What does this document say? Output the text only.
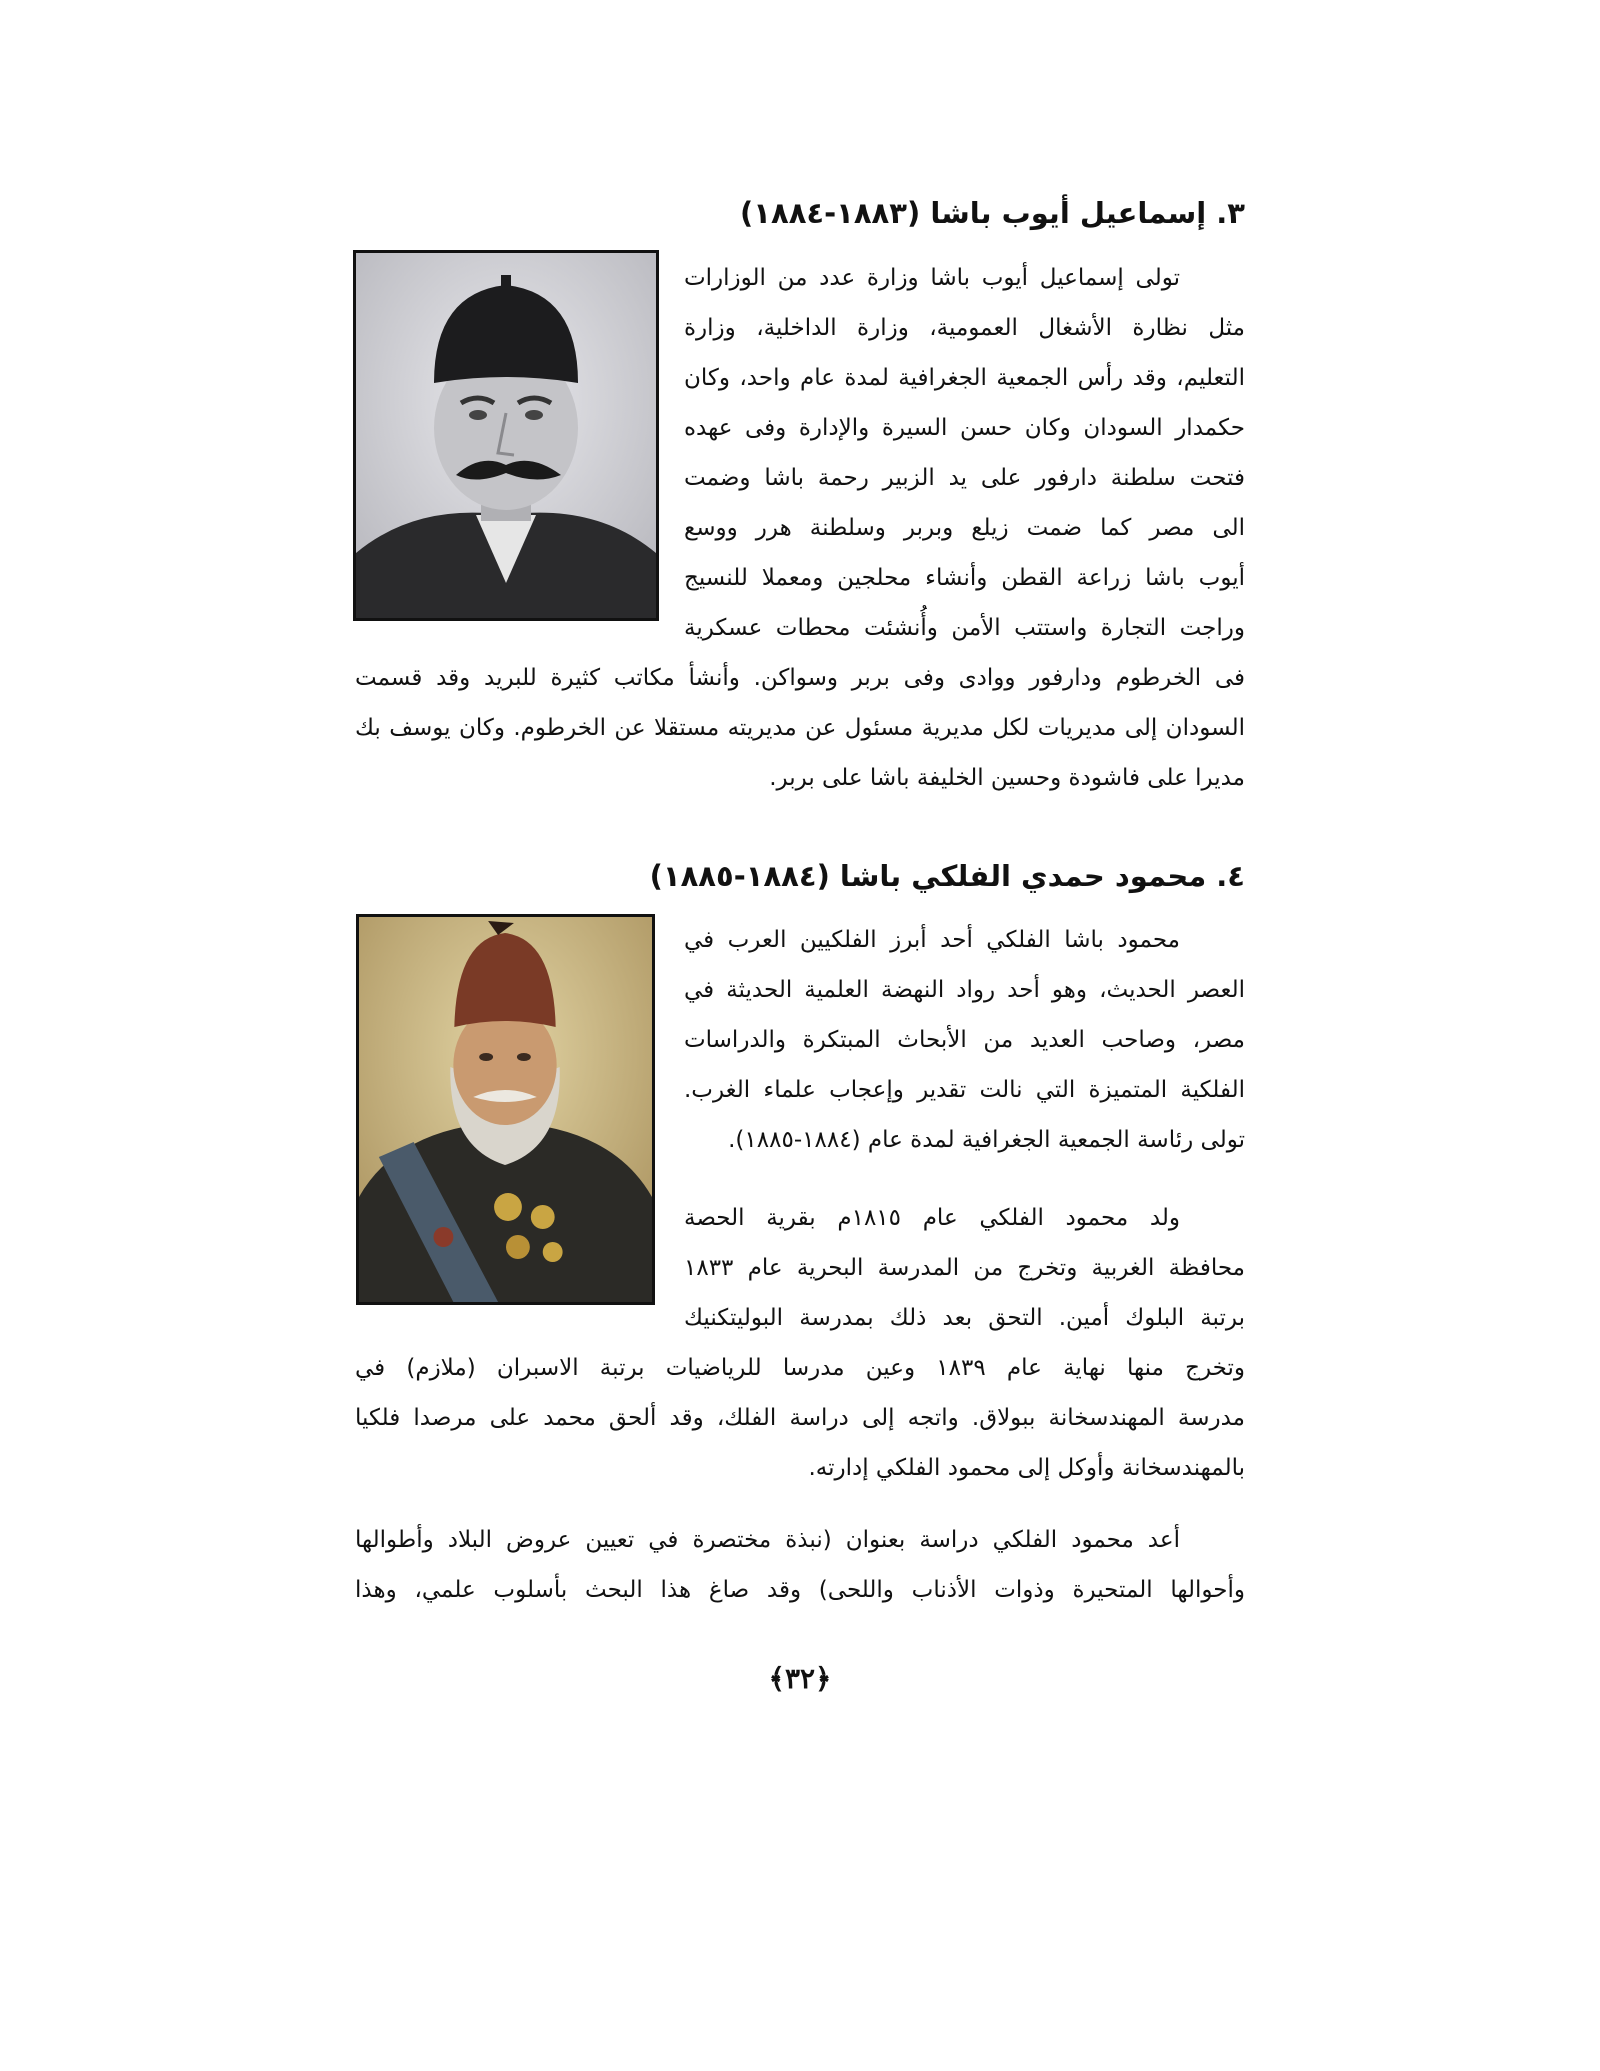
٣. إسماعيل أيوب باشا (١٨٨٣-١٨٨٤)

تولى إسماعيل أيوب باشا وزارة عدد من الوزارات

مثل نظارة الأشغال العمومية، وزارة الداخلية، وزارة

التعليم، وقد رأس الجمعية الجغرافية لمدة عام واحد، وكان

حكمدار السودان وكان حسن السيرة والإدارة وفى عهده

فتحت سلطنة دارفور على يد الزبير رحمة باشا وضمت

الى مصر كما ضمت زيلع وبربر وسلطنة هرر ووسع

أيوب باشا زراعة القطن وأنشاء محلجين ومعملا للنسيج

وراجت التجارة واستتب الأمن وأُنشئت محطات عسكرية

فى الخرطوم ودارفور ووادى وفى بربر وسواكن. وأنشأ مكاتب كثيرة للبريد وقد قسمت

السودان إلى مديريات لكل مديرية مسئول عن مديريته مستقلا عن الخرطوم. وكان يوسف بك

مديرا على فاشودة وحسين الخليفة باشا على بربر.

٤. محمود حمدي الفلكي باشا (١٨٨٤-١٨٨٥)

محمود باشا الفلكي أحد أبرز الفلكيين العرب في

العصر الحديث، وهو أحد رواد النهضة العلمية الحديثة في

مصر، وصاحب العديد من الأبحاث المبتكرة والدراسات

الفلكية المتميزة التي نالت تقدير وإعجاب علماء الغرب.

تولى رئاسة الجمعية الجغرافية لمدة عام (١٨٨٤-١٨٨٥).

ولد محمود الفلكي عام ١٨١٥م بقرية الحصة

محافظة الغربية وتخرج من المدرسة البحرية عام ١٨٣٣

برتبة البلوك أمين. التحق بعد ذلك بمدرسة البوليتكنيك

وتخرج منها نهاية عام ١٨٣٩ وعين مدرسا للرياضيات برتبة الاسبران (ملازم) في

مدرسة المهندسخانة ببولاق. واتجه إلى دراسة الفلك، وقد ألحق محمد على مرصدا فلكيا

بالمهندسخانة وأوكل إلى محمود الفلكي إدارته.

أعد محمود الفلكي دراسة بعنوان (نبذة مختصرة في تعيين عروض البلاد وأطوالها

وأحوالها المتحيرة وذوات الأذناب واللحى) وقد صاغ هذا البحث بأسلوب علمي، وهذا

﴿٣٢﴾
